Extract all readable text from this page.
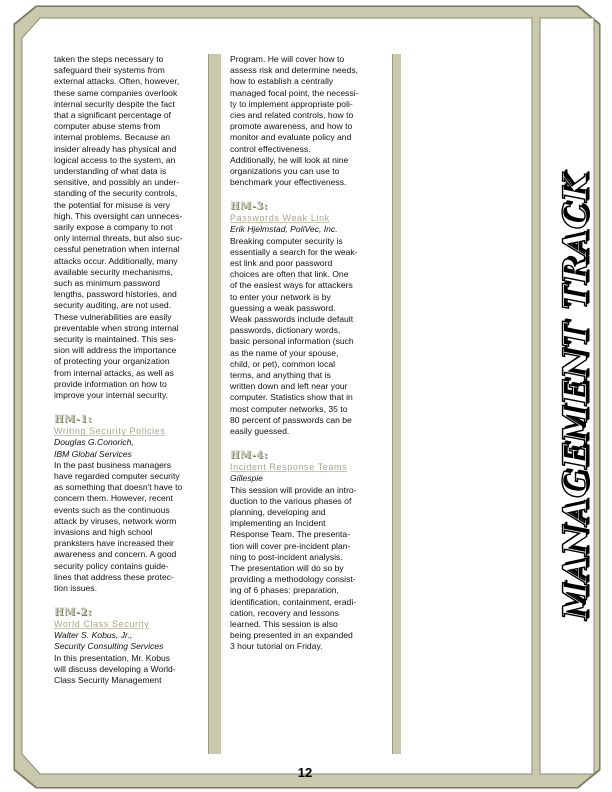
taken the steps necessary to
safeguard their systems from
external attacks. Often, however,
these same companies overlook
internal security despite the fact
that a significant percentage of
computer abuse stems from
internal problems. Because an
insider already has physical and
logical access to the system, an
understanding of what data is
sensitive, and possibly an under-
standing of the security controls,
the potential for misuse is very
high. This oversight can unneces-
sarily expose a company to not
only internal threats, but also suc-
cessful penetration when internal
attacks occur. Additionally, many
available security mechanisms,
such as minimum password
lengths, password histories, and
security auditing, are not used.
These vulnerabilities are easily
preventable when strong internal
security is maintained. This ses-
sion will address the importance
of protecting your organization
from internal attacks, as well as
provide information on how to
improve your internal security.

HM-1:
Writing Security Policies
Douglas G.Conorich,
IBM Global Services

In the past business managers
have regarded computer security
as something that doesn't have to
concern them. However, recent
events such as the continuous
attack by viruses, network worm
invasions and high school
pranksters have increased their
awareness and concern. A good
security policy contains guide-
lines that address these protec-
tion issues.

HM-2:
World Class Security
Walter S. Kobus, Jr.,
Security Consulting Services

In this presentation, Mr. Kobus
will discuss developing a World-
Class Security Management

Program. He will cover how to
assess risk and determine needs,
how to establish a centrally
managed focal point, the necessi-
ty to implement appropriate poli-
cies and related controls, how to
promote awareness, and how to
monitor and evaluate policy and
control effectiveness.
Additionally, he will look at nine
organizations you can use to
benchmark your effectiveness.

HM-3:
Passwords Weak Link
Erik Hjelmstad, PoliVec, Inc.

Breaking computer security is
essentially a search for the weak-
est link and poor password
choices are often that link. One
of the easiest ways for attackers
to enter your network is by
guessing a weak password.
Weak passwords include default
passwords, dictionary words,
basic personal information (such
as the name of your spouse,
child, or pet), common local
terms, and anything that is
written down and left near your
computer. Statistics show that in
most computer networks, 35 to
80 percent of passwords can be
easily guessed.

HM-4:
Incident Response Teams
Gillespie

This session will provide an intro-
duction to the various phases of
planning, developing and
implementing an Incident
Response Team. The presenta-
tion will cover pre-incident plan-
ning to post-incident analysis.
The presentation will do so by
providing a methodology consist-
ing of 6 phases: preparation,
identification, containment, eradi-
cation, recovery and lessons
learned. This session is also
being presented in an expanded
3 hour tutorial on Friday.

MANAGEMENT TRACK
12
